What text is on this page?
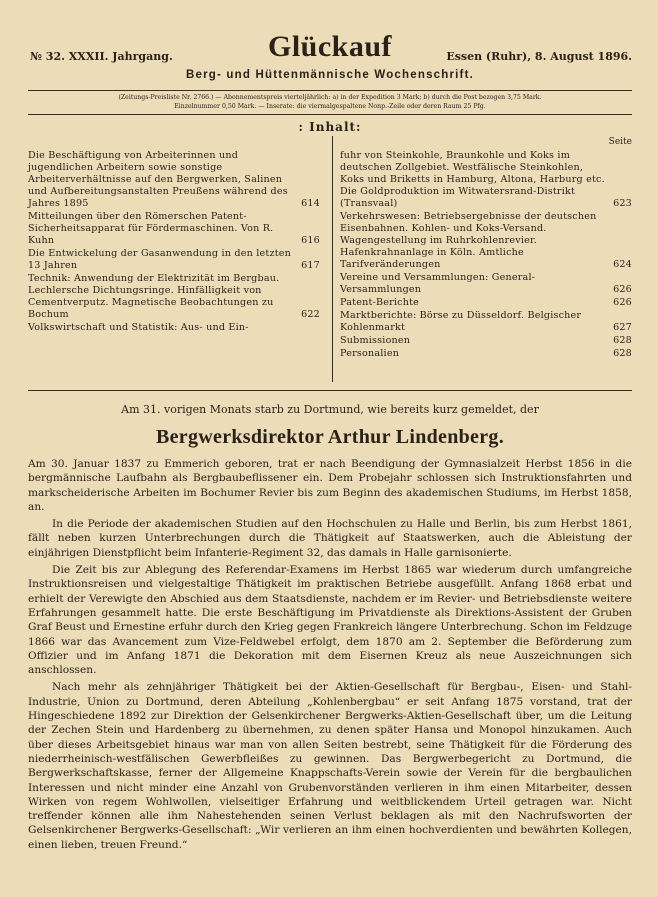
№ 32. XXXII. Jahrgang.	Glückauf	Essen (Ruhr), 8. August 1896.
Berg- und Hüttenmännische Wochenschrift.
(Zeitungs-Preisliste Nr. 2766.) — Abonnementspreis vierteljährlich: a) in der Expedition 3 Mark; b) durch die Post bezogen 3,75 Mark.
Einzelnummer 0,50 Mark. — Inserate: die viermalgespaltene Nonp.-Zeile oder deren Raum 25 Pfg.
: Inhalt:
Die Beschäftigung von Arbeiterinnen und jugendlichen Arbeitern sowie sonstige Arbeiterverhältnisse auf den Bergwerken, Salinen und Aufbereitungsanstalten Preußens während des Jahres 1895	614
Mitteilungen über den Römerschen Patent-Sicherheitsapparat für Fördermaschinen. Von R. Kuhn	616
Die Entwickelung der Gasanwendung in den letzten 13 Jahren	617
Technik: Anwendung der Elektrizität im Bergbau. Lechlersche Dichtungsringe. Hinfälligkeit von Cementverputz. Magnetische Beobachtungen zu Bochum	622
Volkswirtschaft und Statistik: Aus- und Ein-
Seite
fuhr von Steinkohle, Braunkohle und Koks im deutschen Zollgebiet. Westfälische Steinkohlen, Koks und Briketts in Hamburg, Altona, Harburg etc. Die Goldproduktion im Witwatersrand-Distrikt (Transvaal)	623
Verkehrswesen: Betriebsergebnisse der deutschen Eisenbahnen. Kohlen- und Koks-Versand. Wagengestellung im Ruhrkohlenrevier. Hafenkrahnanlage in Köln. Amtliche Tarifveränderungen	624
Vereine und Versammlungen: General-Versammlungen	626
Patent-Berichte	626
Marktberichte: Börse zu Düsseldorf. Belgischer Kohlenmarkt	627
Submissionen	628
Personalien	628
Am 31. vorigen Monats starb zu Dortmund, wie bereits kurz gemeldet, der
Bergwerksdirektor Arthur Lindenberg.

Am 30. Januar 1837 zu Emmerich geboren, trat er nach Beendigung der Gymnasialzeit Herbst 1856 in die bergmännische Laufbahn als Bergbaubeflissener ein. Dem Probejahr schlossen sich Instruktionsfahrten und markscheiderische Arbeiten im Bochumer Revier bis zum Beginn des akademischen Studiums, im Herbst 1858, an.

In die Periode der akademischen Studien auf den Hochschulen zu Halle und Berlin, bis zum Herbst 1861, fällt neben kurzen Unterbrechungen durch die Thätigkeit auf Staatswerken, auch die Ableistung der einjährigen Dienstpflicht beim Infanterie-Regiment 32, das damals in Halle garnisonierte.

Die Zeit bis zur Ablegung des Referendar-Examens im Herbst 1865 war wiederum durch umfangreiche Instruktionsreisen und vielgestaltige Thätigkeit im praktischen Betriebe ausgefüllt. Anfang 1868 erbat und erhielt der Verewigte den Abschied aus dem Staatsdienste, nachdem er im Revier- und Betriebsdienste weitere Erfahrungen gesammelt hatte. Die erste Beschäftigung im Privatdienste als Direktions-Assistent der Gruben Graf Beust und Ernestine erfuhr durch den Krieg gegen Frankreich längere Unterbrechung. Schon im Feldzuge 1866 war das Avancement zum Vize-Feldwebel erfolgt, dem 1870 am 2. September die Beförderung zum Offizier und im Anfang 1871 die Dekoration mit dem Eisernen Kreuz als neue Auszeichnungen sich anschlossen.

Nach mehr als zehnjähriger Thätigkeit bei der Aktien-Gesellschaft für Bergbau-, Eisen- und Stahl-Industrie, Union zu Dortmund, deren Abteilung „Kohlenbergbau“ er seit Anfang 1875 vorstand, trat der Hingeschiedene 1892 zur Direktion der Gelsenkirchener Bergwerks-Aktien-Gesellschaft über, um die Leitung der Zechen Stein und Hardenberg zu übernehmen, zu denen später Hansa und Monopol hinzukamen. Auch über dieses Arbeitsgebiet hinaus war man von allen Seiten bestrebt, seine Thätigkeit für die Förderung des niederrheinisch-westfälischen Gewerbfleißes zu gewinnen. Das Bergwerbegericht zu Dortmund, die Bergwerkschaftskasse, ferner der Allgemeine Knappschafts-Verein sowie der Verein für die bergbaulichen Interessen und nicht minder eine Anzahl von Grubenvorständen verlieren in ihm einen Mitarbeiter, dessen Wirken von regem Wohlwollen, vielseitiger Erfahrung und weitblickendem Urteil getragen war. Nicht treffender können alle ihm Nahestehenden seinen Verlust beklagen als mit den Nachrufsworten der Gelsenkirchener Bergwerks-Gesellschaft: „Wir verlieren an ihm einen hochverdienten und bewährten Kollegen, einen lieben, treuen Freund.“
